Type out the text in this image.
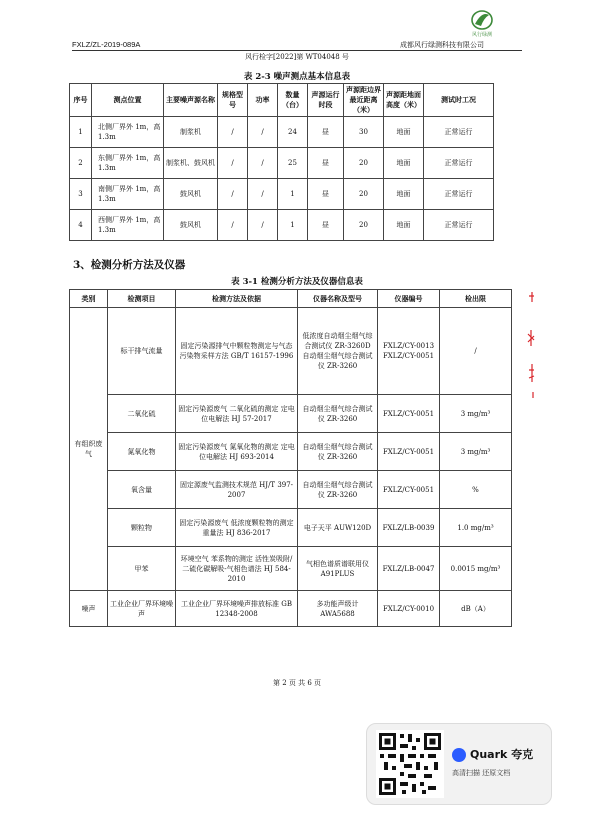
FXLZ/ZL-2019-089A
风行绿测
成都风行绿测科技有限公司
风行检字[2022]第 WT04048 号
表 2-3 噪声测点基本信息表
序号	测点位置	主要噪声源名称	规格型号	功率	数量（台）	声源运行时段	声源距边界最近距离（米）	声源距地面高度（米）	测试时工况
1	北侧厂界外 1m，高 1.3m	制浆机	/	/	24	昼	30	地面	正常运行
2	东侧厂界外 1m，高 1.3m	制浆机、鼓风机	/	/	25	昼	20	地面	正常运行
3	南侧厂界外 1m，高 1.3m	鼓风机	/	/	1	昼	20	地面	正常运行
4	西侧厂界外 1m，高 1.3m	鼓风机	/	/	1	昼	20	地面	正常运行
3、检测分析方法及仪器
表 3-1 检测分析方法及仪器信息表
类别	检测项目	检测方法及依据	仪器名称及型号	仪器编号	检出限
有组织废气	标干排气流量	固定污染源排气中颗粒物测定与气态污染物采样方法 GB/T 16157-1996	低浓度自动烟尘烟气综合测试仪 ZR-3260D 自动烟尘烟气综合测试仪 ZR-3260	FXLZ/CY-0013 FXLZ/CY-0051	/
	二氧化硫	固定污染源废气 二氧化硫的测定 定电位电解法 HJ 57-2017	自动烟尘烟气综合测试仪 ZR-3260	FXLZ/CY-0051	3 mg/m³
	氮氧化物	固定污染源废气 氮氧化物的测定 定电位电解法 HJ 693-2014	自动烟尘烟气综合测试仪 ZR-3260	FXLZ/CY-0051	3 mg/m³
	氧含量	固定源废气监测技术规范 HJ/T 397-2007	自动烟尘烟气综合测试仪 ZR-3260	FXLZ/CY-0051	%
	颗粒物	固定污染源废气 低浓度颗粒物的测定 重量法 HJ 836-2017	电子天平 AUW120D	FXLZ/LB-0039	1.0 mg/m³
	甲苯	环境空气 苯系物的测定 活性炭吸附/二硫化碳解吸-气相色谱法 HJ 584-2010	气相色谱质谱联用仪 A91PLUS	FXLZ/LB-0047	0.0015 mg/m³
噪声	工业企业厂界环境噪声	工业企业厂界环境噪声排放标准 GB 12348-2008	多功能声级计 AWA5688	FXLZ/CY-0010	dB（A）
第 2 页 共 6 页
Quark 夸克
高清扫描 还原文档
